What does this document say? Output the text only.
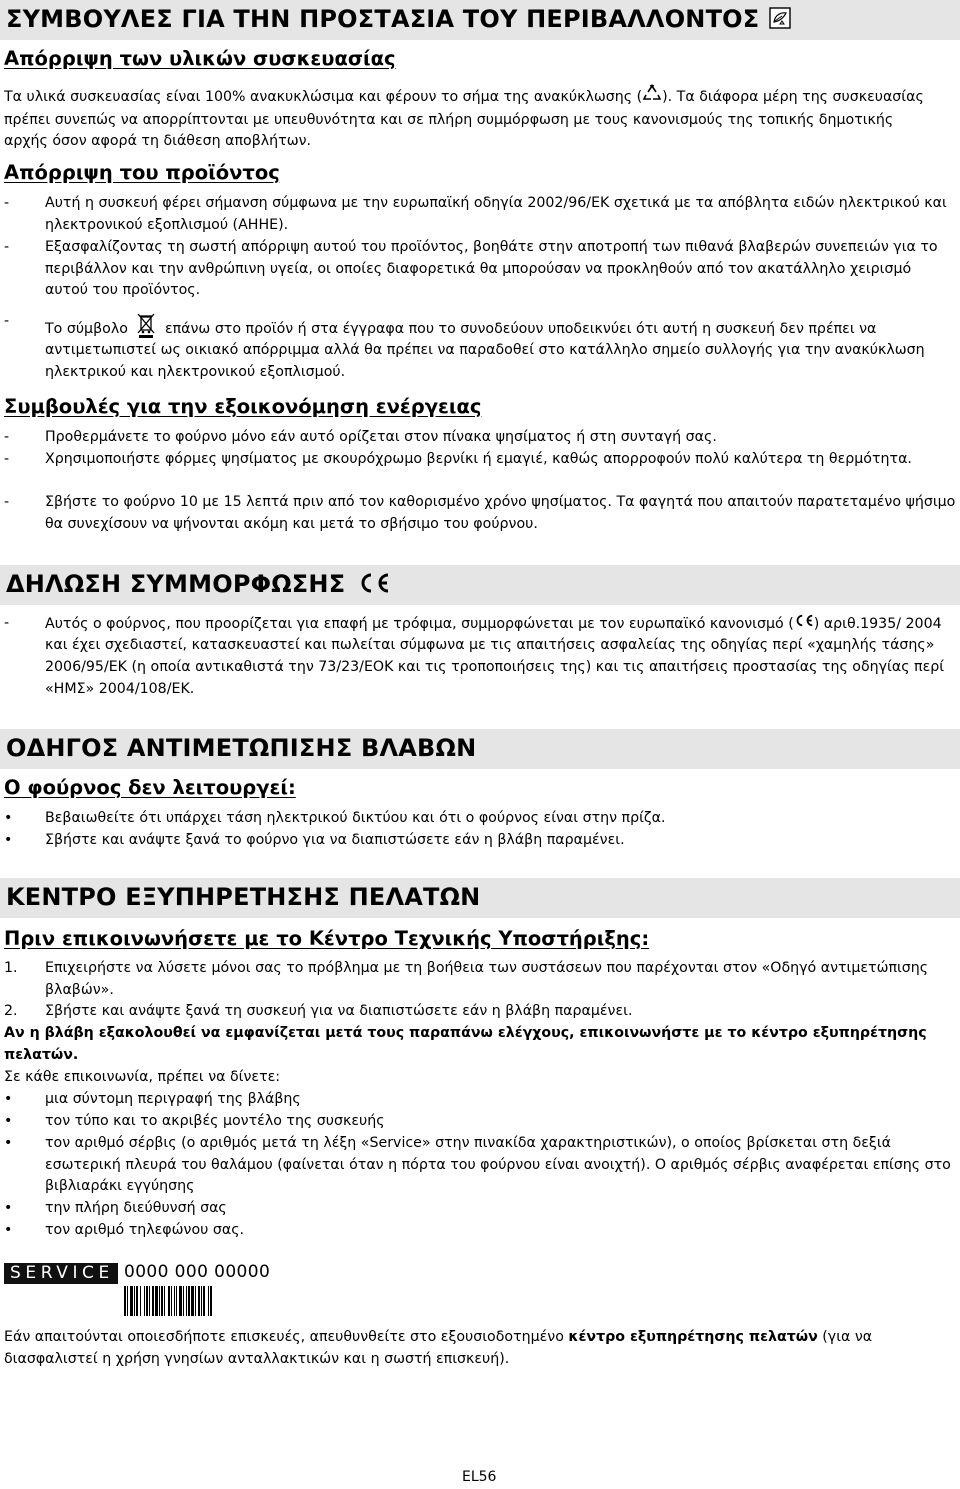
ΣΥΜΒΟΥΛΕΣ ΓΙΑ ΤΗΝ ΠΡΟΣΤΑΣΙΑ ΤΟΥ ΠΕΡΙΒΑΛΛΟΝΤΟΣ
Απόρριψη των υλικών συσκευασίας
Τα υλικά συσκευασίας είναι 100% ανακυκλώσιμα και φέρουν το σήμα της ανακύκλωσης ( ). Τα διάφορα μέρη της συσκευασίας
πρέπει συνεπώς να απορρίπτονται με υπευθυνότητα και σε πλήρη συμμόρφωση με τους κανονισμούς της τοπικής δημοτικής
αρχής όσον αφορά τη διάθεση αποβλήτων.
Απόρριψη του προϊόντος
-	Αυτή η συσκευή φέρει σήμανση σύμφωνα με την ευρωπαϊκή οδηγία 2002/96/ΕΚ σχετικά με τα απόβλητα ειδών ηλεκτρικού και ηλεκτρονικού εξοπλισμού (ΑΗΗΕ).
-	Εξασφαλίζοντας τη σωστή απόρριψη αυτού του προϊόντος, βοηθάτε στην αποτροπή των πιθανά βλαβερών συνεπειών για το περιβάλλον και την ανθρώπινη υγεία, οι οποίες διαφορετικά θα μπορούσαν να προκληθούν από τον ακατάλληλο χειρισμό αυτού του προϊόντος.
-	Το σύμβολο	επάνω στο προϊόν ή στα έγγραφα που το συνοδεύουν υποδεικνύει ότι αυτή η συσκευή δεν πρέπει να
αντιμετωπιστεί ως οικιακό απόρριμμα αλλά θα πρέπει να παραδοθεί στο κατάλληλο σημείο συλλογής για την ανακύκλωση ηλεκτρικού και ηλεκτρονικού εξοπλισμού.
Συμβουλές για την εξοικονόμηση ενέργειας
-	Προθερμάνετε το φούρνο μόνο εάν αυτό ορίζεται στον πίνακα ψησίματος ή στη συνταγή σας.
-	Χρησιμοποιήστε φόρμες ψησίματος με σκουρόχρωμο βερνίκι ή εμαγιέ, καθώς απορροφούν πολύ καλύτερα τη θερμότητα.
-	Σβήστε το φούρνο 10 με 15 λεπτά πριν από τον καθορισμένο χρόνο ψησίματος. Τα φαγητά που απαιτούν παρατεταμένο ψήσιμο θα συνεχίσουν να ψήνονται ακόμη και μετά το σβήσιμο του φούρνου.
ΔΗΛΩΣΗ ΣΥΜΜΟΡΦΩΣΗΣ
-	Αυτός ο φούρνος, που προορίζεται για επαφή με τρόφιμα, συμμορφώνεται με τον ευρωπαϊκό κανονισμό ( ) αριθ.1935/ 2004 και έχει σχεδιαστεί, κατασκευαστεί και πωλείται σύμφωνα με τις απαιτήσεις ασφαλείας της οδηγίας περί «χαμηλής τάσης» 2006/95/ΕΚ (η οποία αντικαθιστά την 73/23/ΕΟΚ και τις τροποποιήσεις της) και τις απαιτήσεις προστασίας της οδηγίας περί «ΗΜΣ» 2004/108/ΕΚ.
ΟΔΗΓΟΣ ΑΝΤΙΜΕΤΩΠΙΣΗΣ ΒΛΑΒΩΝ
Ο φούρνος δεν λειτουργεί:
• Βεβαιωθείτε ότι υπάρχει τάση ηλεκτρικού δικτύου και ότι ο φούρνος είναι στην πρίζα.
• Σβήστε και ανάψτε ξανά το φούρνο για να διαπιστώσετε εάν η βλάβη παραμένει.
ΚΕΝΤΡΟ ΕΞΥΠΗΡΕΤΗΣΗΣ ΠΕΛΑΤΩΝ
Πριν επικοινωνήσετε με το Κέντρο Τεχνικής Υποστήριξης:
1. Επιχειρήστε να λύσετε μόνοι σας το πρόβλημα με τη βοήθεια των συστάσεων που παρέχονται στον «Οδηγό αντιμετώπισης βλαβών».
2. Σβήστε και ανάψτε ξανά τη συσκευή για να διαπιστώσετε εάν η βλάβη παραμένει.
Αν η βλάβη εξακολουθεί να εμφανίζεται μετά τους παραπάνω ελέγχους, επικοινωνήστε με το κέντρο εξυπηρέτησης πελατών.
Σε κάθε επικοινωνία, πρέπει να δίνετε:
• μια σύντομη περιγραφή της βλάβης
• τον τύπο και το ακριβές μοντέλο της συσκευής
• τον αριθμό σέρβις (ο αριθμός μετά τη λέξη «Service» στην πινακίδα χαρακτηριστικών), ο οποίος βρίσκεται στη δεξιά εσωτερική πλευρά του θαλάμου (φαίνεται όταν η πόρτα του φούρνου είναι ανοιχτή). Ο αριθμός σέρβις αναφέρεται επίσης στο βιβλιαράκι εγγύησης
• την πλήρη διεύθυνσή σας
• τον αριθμό τηλεφώνου σας.
SERVICE 0000 000 00000
Εάν απαιτούνται οποιεσδήποτε επισκευές, απευθυνθείτε στο εξουσιοδοτημένο κέντρο εξυπηρέτησης πελατών (για να διασφαλιστεί η χρήση γνησίων ανταλλακτικών και η σωστή επισκευή).
EL56
